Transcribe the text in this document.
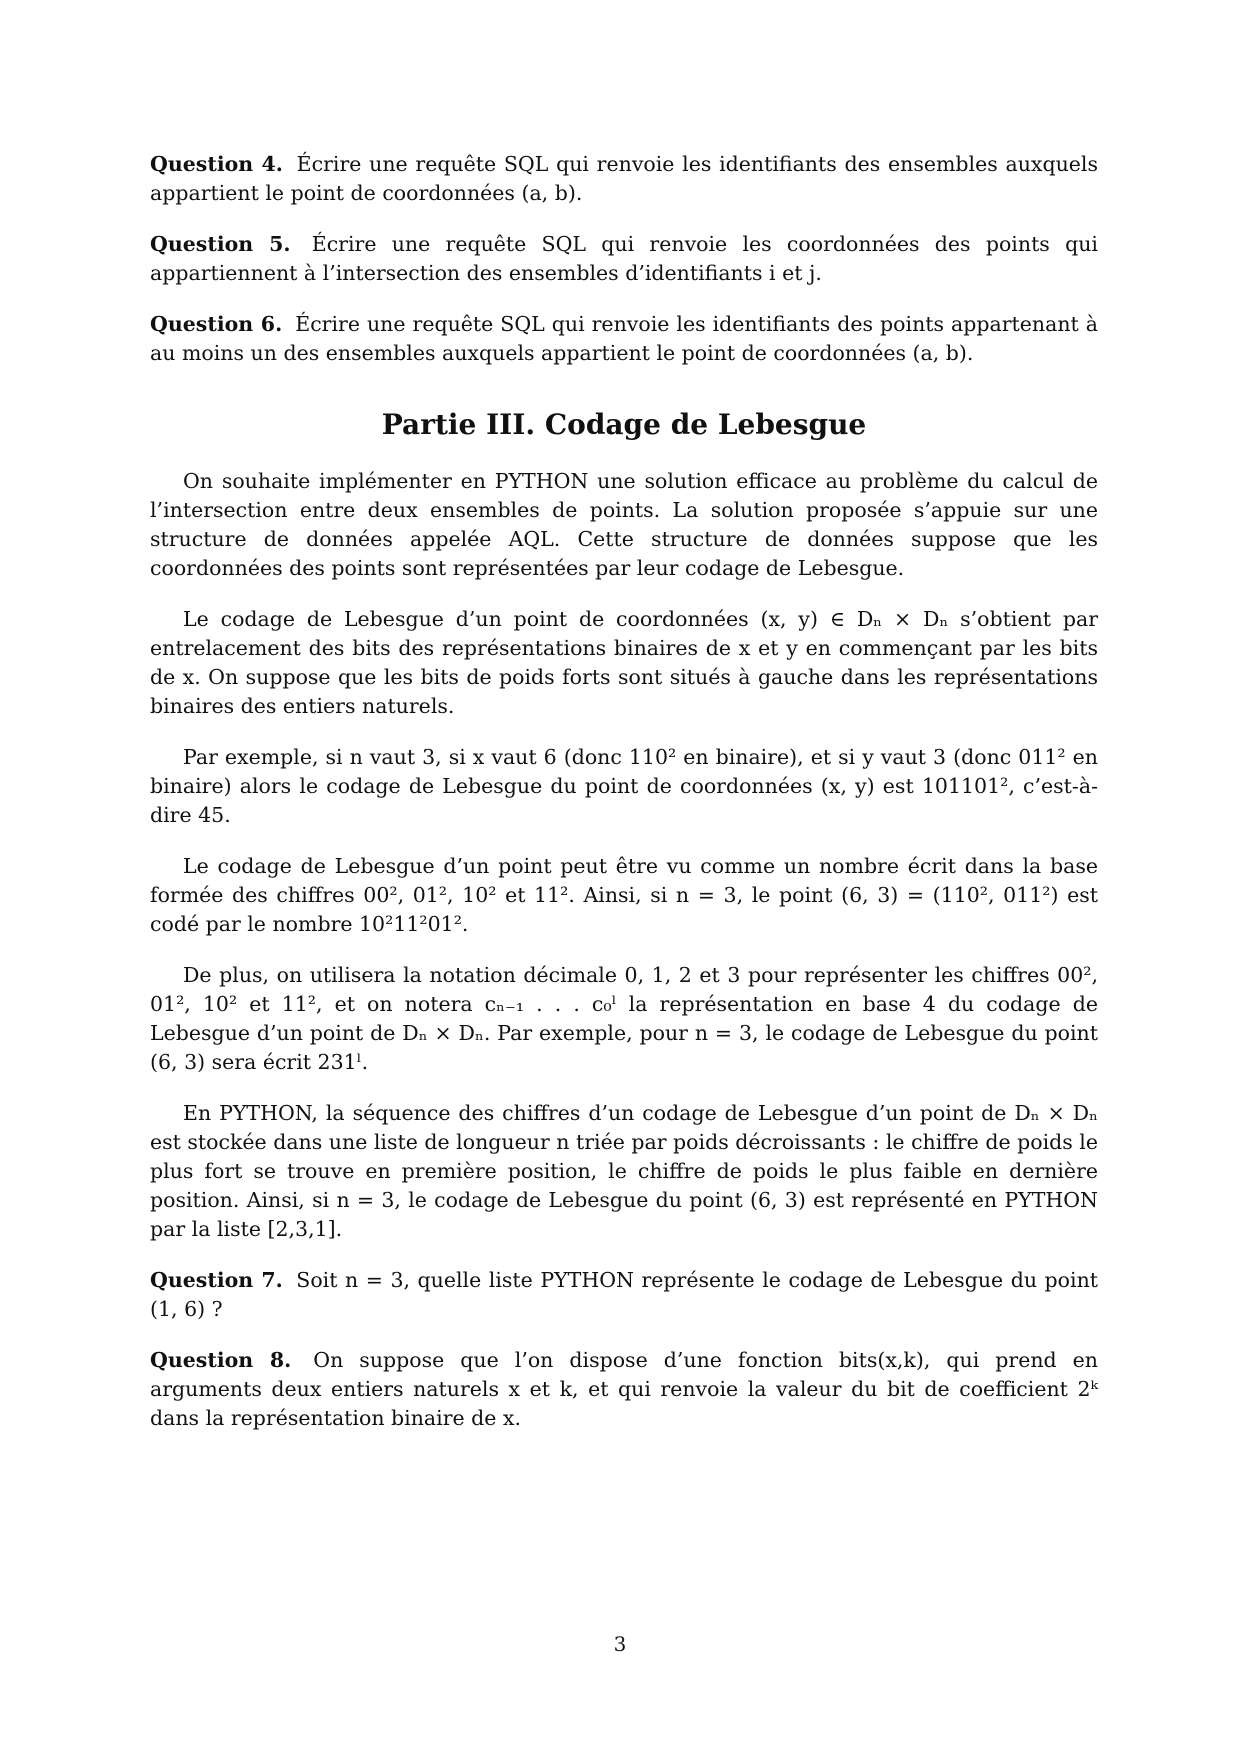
Question 4. Écrire une requête SQL qui renvoie les identifiants des ensembles auxquels appartient le point de coordonnées (a, b).
Question 5. Écrire une requête SQL qui renvoie les coordonnées des points qui appartiennent à l’intersection des ensembles d’identifiants i et j.
Question 6. Écrire une requête SQL qui renvoie les identifiants des points appartenant à au moins un des ensembles auxquels appartient le point de coordonnées (a, b).
Partie III. Codage de Lebesgue
On souhaite implémenter en PYTHON une solution efficace au problème du calcul de l’intersection entre deux ensembles de points. La solution proposée s’appuie sur une structure de données appelée AQL. Cette structure de données suppose que les coordonnées des points sont représentées par leur codage de Lebesgue.
Le codage de Lebesgue d’un point de coordonnées (x, y) ∈ Dₙ × Dₙ s’obtient par entrelacement des bits des représentations binaires de x et y en commençant par les bits de x. On suppose que les bits de poids forts sont situés à gauche dans les représentations binaires des entiers naturels.
Par exemple, si n vaut 3, si x vaut 6 (donc 110² en binaire), et si y vaut 3 (donc 011² en binaire) alors le codage de Lebesgue du point de coordonnées (x, y) est 101101², c’est-à-dire 45.
Le codage de Lebesgue d’un point peut être vu comme un nombre écrit dans la base formée des chiffres 00², 01², 10² et 11². Ainsi, si n = 3, le point (6, 3) = (110², 011²) est codé par le nombre 10²11²01².
De plus, on utilisera la notation décimale 0, 1, 2 et 3 pour représenter les chiffres 00², 01², 10² et 11², et on notera cₙ₋₁ . . . c₀ˡ la représentation en base 4 du codage de Lebesgue d’un point de Dₙ × Dₙ. Par exemple, pour n = 3, le codage de Lebesgue du point (6, 3) sera écrit 231ˡ.
En PYTHON, la séquence des chiffres d’un codage de Lebesgue d’un point de Dₙ × Dₙ est stockée dans une liste de longueur n triée par poids décroissants : le chiffre de poids le plus fort se trouve en première position, le chiffre de poids le plus faible en dernière position. Ainsi, si n = 3, le codage de Lebesgue du point (6, 3) est représenté en PYTHON par la liste [2,3,1].
Question 7. Soit n = 3, quelle liste PYTHON représente le codage de Lebesgue du point (1, 6) ?
Question 8. On suppose que l’on dispose d’une fonction bits(x,k), qui prend en arguments deux entiers naturels x et k, et qui renvoie la valeur du bit de coefficient 2ᵏ dans la représentation binaire de x.
3
